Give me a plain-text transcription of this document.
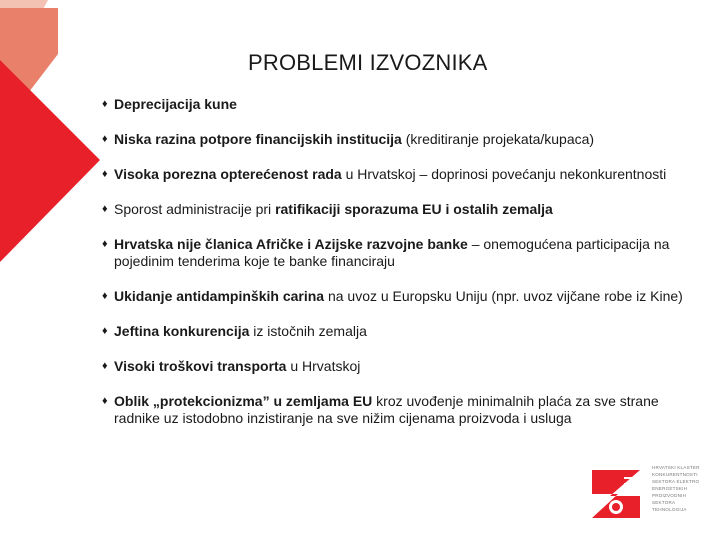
PROBLEMI IZVOZNIKA
♦ Deprecijacija kune
♦ Niska razina potpore financijskih institucija (kreditiranje projekata/kupaca)
♦ Visoka porezna opterećenost rada u Hrvatskoj – doprinosi povećanju nekonkurentnosti
♦ Sporost administracije pri ratifikaciji sporazuma EU i ostalih zemalja
♦ Hrvatska nije članica Afričke i Azijske razvojne banke – onemogućena participacija na pojedinim tenderima koje te banke financiraju
♦ Ukidanje antidampinških carina na uvoz u Europsku Uniju (npr. uvoz vijčane robe iz Kine)
♦ Jeftina konkurencija iz istočnih zemalja
♦ Visoki troškovi transporta u Hrvatskoj
♦ Oblik „protekcionizma” u zemljama EU kroz uvođenje minimalnih plaća za sve strane radnike uz istodobno inzistiranje na sve nižim cijenama proizvoda i usluga
HRVATSKI KLASTER
KONKURENTNOSTI
SEKTORA ELEKTRO
ENERGETSKIH
PROIZVODNIH
SEKTORA
TEHNOLOGIJA
